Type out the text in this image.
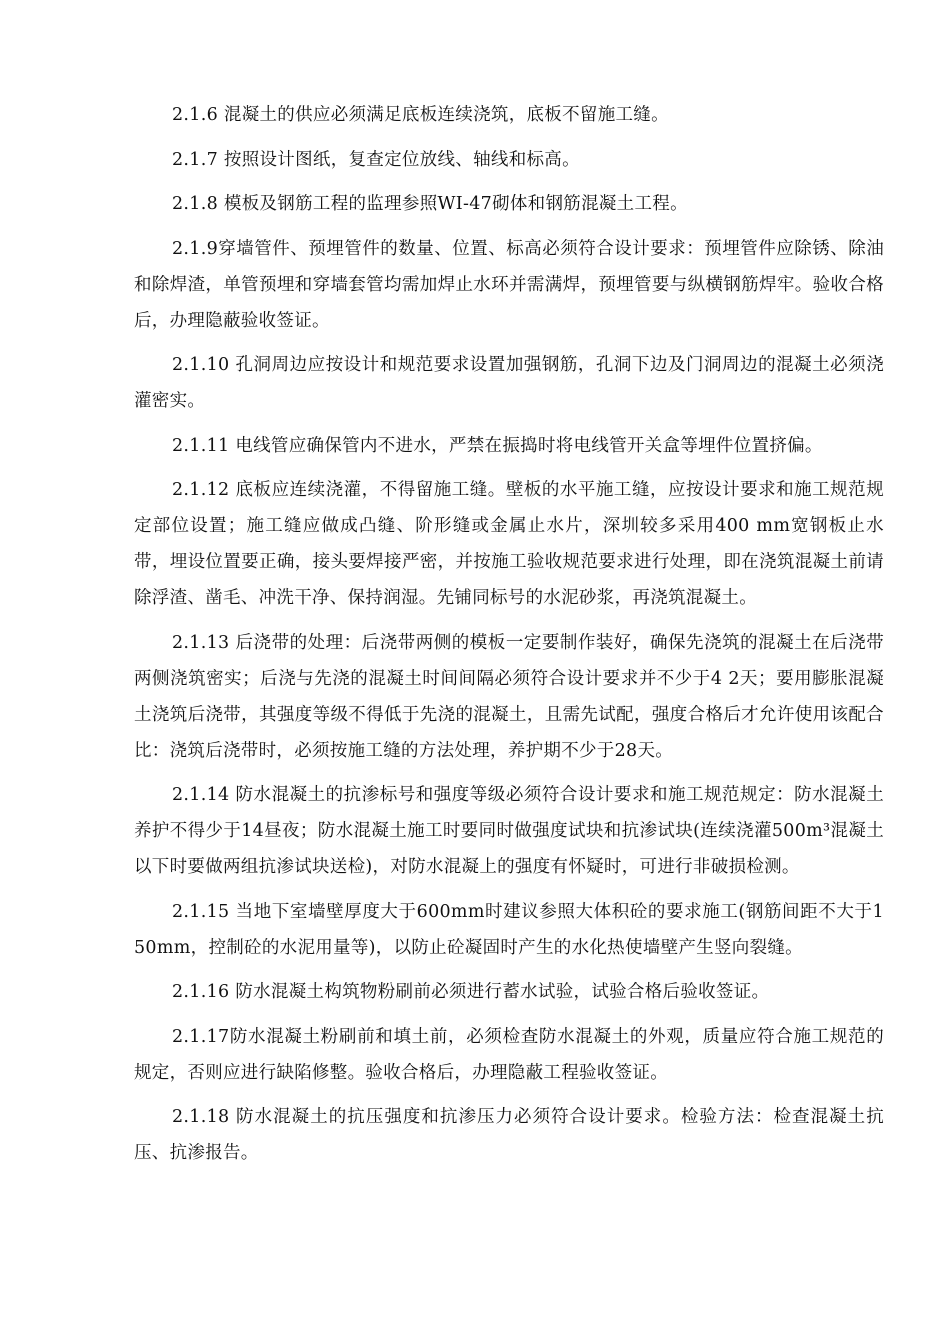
2.1.6 混凝土的供应必须满足底板连续浇筑，底板不留施工缝。

2.1.7 按照设计图纸，复查定位放线、轴线和标高。

2.1.8 模板及钢筋工程的监理参照WI-47砌体和钢筋混凝土工程。

2.1.9穿墙管件、预埋管件的数量、位置、标高必须符合设计要求：预埋管件应除锈、除油和除焊渣，单管预埋和穿墙套管均需加焊止水环并需满焊，预埋管要与纵横钢筋焊牢。验收合格后，办理隐蔽验收签证。

2.1.10 孔洞周边应按设计和规范要求设置加强钢筋，孔洞下边及门洞周边的混凝土必须浇灌密实。

2.1.11 电线管应确保管内不进水，严禁在振捣时将电线管开关盒等埋件位置挤偏。

2.1.12 底板应连续浇灌，不得留施工缝。壁板的水平施工缝，应按设计要求和施工规范规定部位设置；施工缝应做成凸缝、阶形缝或金属止水片，深圳较多采用400 mm宽钢板止水带，埋设位置要正确，接头要焊接严密，并按施工验收规范要求进行处理，即在浇筑混凝土前请除浮渣、凿毛、冲洗干净、保持润湿。先铺同标号的水泥砂浆，再浇筑混凝土。

2.1.13 后浇带的处理：后浇带两侧的模板一定要制作装好，确保先浇筑的混凝土在后浇带两侧浇筑密实；后浇与先浇的混凝土时间间隔必须符合设计要求并不少于4 2天；要用膨胀混凝土浇筑后浇带，其强度等级不得低于先浇的混凝土，且需先试配，强度合格后才允许使用该配合比：浇筑后浇带时，必须按施工缝的方法处理，养护期不少于28天。

2.1.14 防水混凝土的抗渗标号和强度等级必须符合设计要求和施工规范规定：防水混凝土养护不得少于14昼夜；防水混凝土施工时要同时做强度试块和抗渗试块(连续浇灌500m³混凝土以下时要做两组抗渗试块送检)，对防水混凝上的强度有怀疑时，可进行非破损检测。

2.1.15 当地下室墙壁厚度大于600mm时建议参照大体积砼的要求施工(钢筋间距不大于150mm，控制砼的水泥用量等)，以防止砼凝固时产生的水化热使墙壁产生竖向裂缝。

2.1.16 防水混凝土构筑物粉刷前必须进行蓄水试验，试验合格后验收签证。

2.1.17防水混凝土粉刷前和填土前，必须检查防水混凝土的外观，质量应符合施工规范的规定，否则应进行缺陷修整。验收合格后，办理隐蔽工程验收签证。

2.1.18 防水混凝土的抗压强度和抗渗压力必须符合设计要求。检验方法：检查混凝土抗压、抗渗报告。
